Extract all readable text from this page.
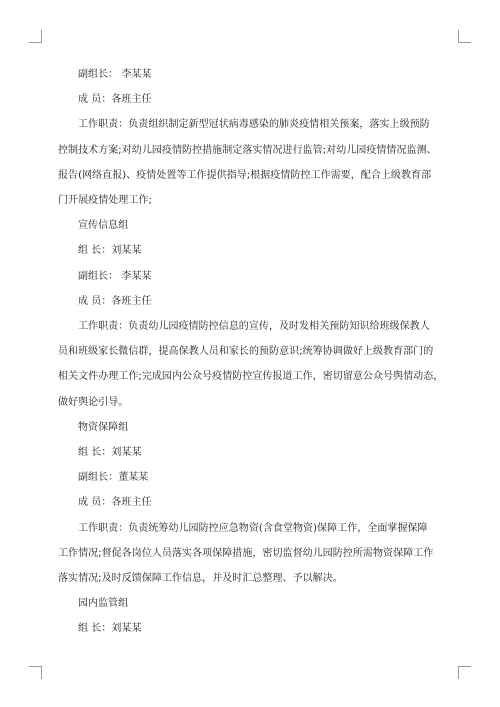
副组长： 李某某

成 员：各班主任

工作职责：负责组织制定新型冠状病毒感染的肺炎疫情相关预案，落实上级预防

控制技术方案;对幼儿园疫情防控措施制定落实情况进行监管;对幼儿园疫情情况监测、

报告(网络直报)、疫情处置等工作提供指导;根据疫情防控工作需要，配合上级教育部

门开展疫情处理工作;

宣传信息组

组 长：刘某某

副组长： 李某某

成 员：各班主任

工作职责：负责幼儿园疫情防控信息的宣传，及时发相关预防知识给班级保教人

员和班级家长微信群，提高保教人员和家长的预防意识;统筹协调做好上级教育部门的

相关文件办理工作;完成园内公众号疫情防控宣传报道工作，密切留意公众号舆情动态，

做好舆论引导。

物资保障组

组 长：刘某某

副组长：董某某

成 员：各班主任

工作职责：负责统筹幼儿园防控应急物资(含食堂物资)保障工作，全面掌握保障

工作情况;督促各岗位人员落实各项保障措施，密切监督幼儿园防控所需物资保障工作

落实情况;及时反馈保障工作信息，并及时汇总整理、予以解决。

园内监管组

组 长：刘某某
